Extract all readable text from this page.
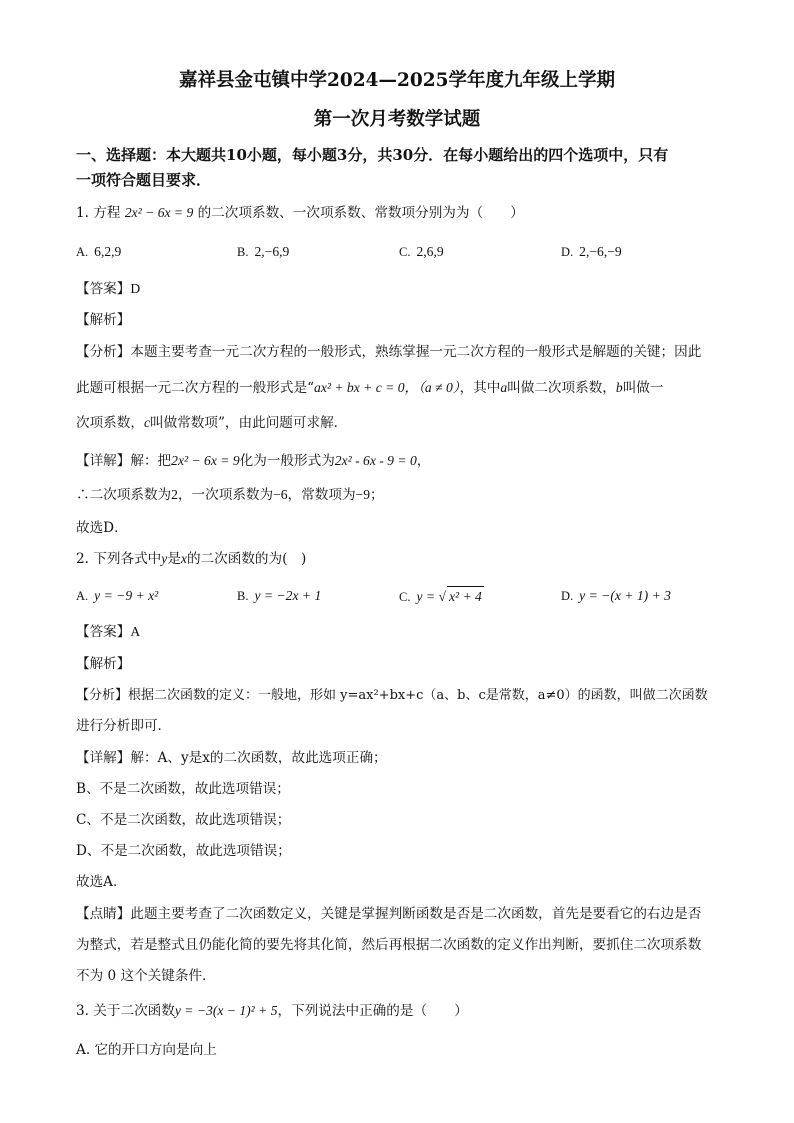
嘉祥县金屯镇中学2024—2025学年度九年级上学期
第一次月考数学试题
一、选择题：本大题共10小题，每小题3分，共30分．在每小题给出的四个选项中，只有
一项符合题目要求．
1. 方程 2x² − 6x = 9 的二次项系数、一次项系数、常数项分别为为（　　）
A. 6,2,9	B. 2,−6,9	C. 2,6,9	D. 2,−6,−9
【答案】D
【解析】
【分析】本题主要考查一元二次方程的一般形式，熟练掌握一元二次方程的一般形式是解题的关键；因此
此题可根据一元二次方程的一般形式是“ax² + bx + c = 0，（a ≠ 0），其中a叫做二次项系数，b叫做一
次项系数，c叫做常数项”，由此问题可求解．
【详解】解：把2x² − 6x = 9化为一般形式为2x² - 6x - 9 = 0，
∴二次项系数为2，一次项系数为−6，常数项为−9；
故选D．
2. 下列各式中y是x的二次函数的为(　)
A. y = −9 + x²	B. y = −2x + 1	C. y = √ x² + 4	D. y = −(x + 1) + 3
【答案】A
【解析】
【分析】根据二次函数的定义：一般地，形如 y=ax²+bx+c（a、b、c是常数，a≠0）的函数，叫做二次函数
进行分析即可．
【详解】解：A、y是x的二次函数，故此选项正确；
B、不是二次函数，故此选项错误；
C、不是二次函数，故此选项错误；
D、不是二次函数，故此选项错误；
故选A．
【点睛】此题主要考查了二次函数定义，关键是掌握判断函数是否是二次函数，首先是要看它的右边是否
为整式，若是整式且仍能化简的要先将其化简，然后再根据二次函数的定义作出判断，要抓住二次项系数
不为 0 这个关键条件．
3. 关于二次函数y = −3(x − 1)² + 5，下列说法中正确的是（　　）
A. 它的开口方向是向上
